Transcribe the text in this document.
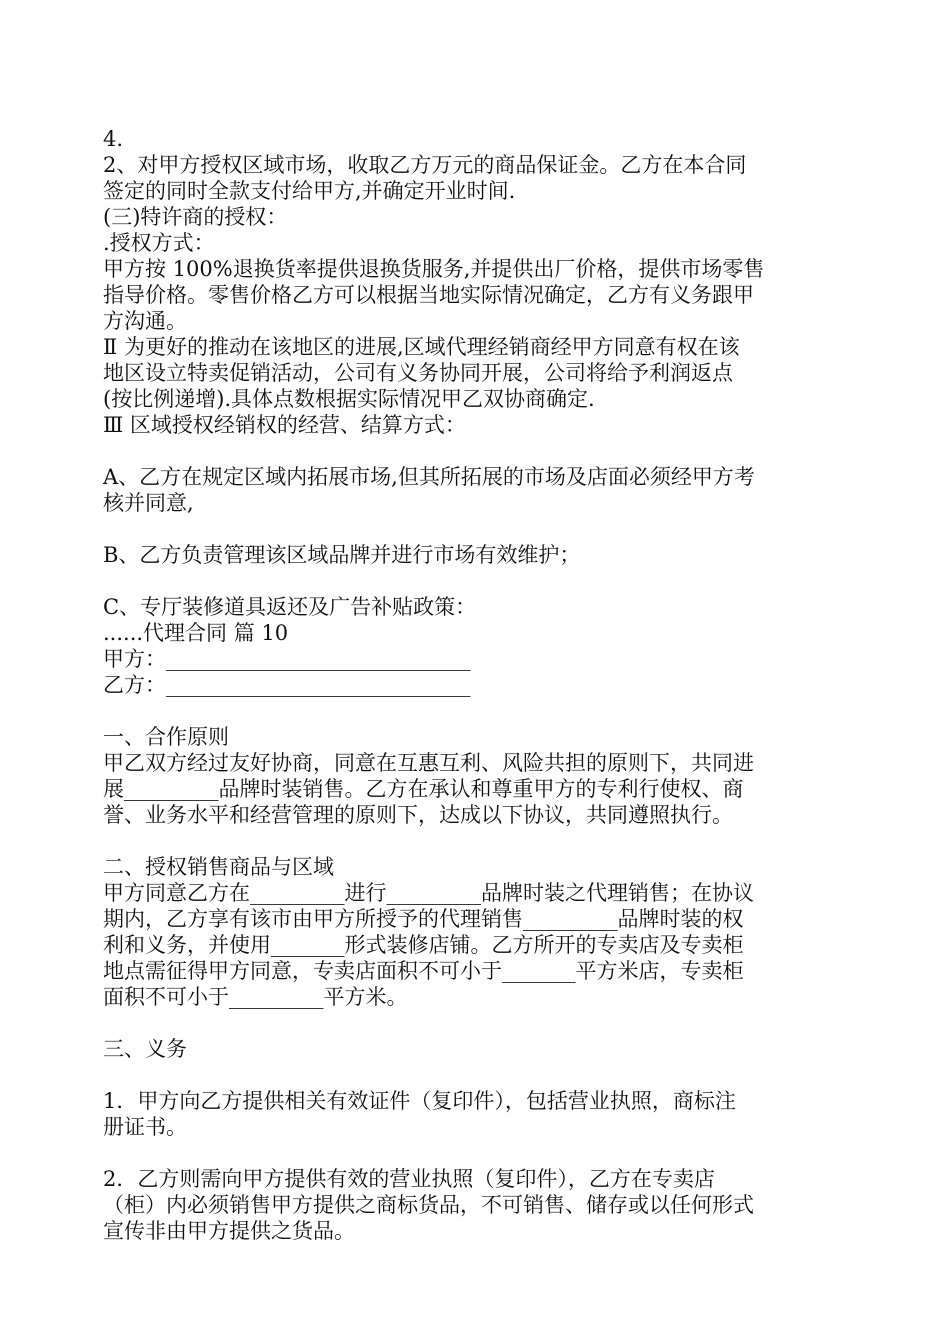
4.
2、对甲方授权区域市场，收取乙方万元的商品保证金。乙方在本合同
签定的同时全款支付给甲方,并确定开业时间.
(三)特许商的授权：
.授权方式：
甲方按 100%退换货率提供退换货服务,并提供出厂价格，提供市场零售
指导价格。零售价格乙方可以根据当地实际情况确定，乙方有义务跟甲
方沟通。
Ⅱ 为更好的推动在该地区的进展,区域代理经销商经甲方同意有权在该
地区设立特卖促销活动，公司有义务协同开展，公司将给予利润返点
(按比例递增).具体点数根据实际情况甲乙双协商确定.
Ⅲ 区域授权经销权的经营、结算方式：
A、乙方在规定区域内拓展市场,但其所拓展的市场及店面必须经甲方考
核并同意,
B、乙方负责管理该区域品牌并进行市场有效维护；
C、专厅装修道具返还及广告补贴政策：
......代理合同 篇 10
甲方：_____________________________
乙方：_____________________________
一、合作原则
甲乙双方经过友好协商，同意在互惠互利、风险共担的原则下，共同进
展_________品牌时装销售。乙方在承认和尊重甲方的专利行使权、商
誉、业务水平和经营管理的原则下，达成以下协议，共同遵照执行。
二、授权销售商品与区域
甲方同意乙方在_________进行_________品牌时装之代理销售；在协议
期内，乙方享有该市由甲方所授予的代理销售_________品牌时装的权
利和义务，并使用_______形式装修店铺。乙方所开的专卖店及专卖柜
地点需征得甲方同意，专卖店面积不可小于_______平方米店，专卖柜
面积不可小于_________平方米。
三、义务
1．甲方向乙方提供相关有效证件（复印件），包括营业执照，商标注
册证书。
2．乙方则需向甲方提供有效的营业执照（复印件），乙方在专卖店
（柜）内必须销售甲方提供之商标货品，不可销售、储存或以任何形式
宣传非由甲方提供之货品。
